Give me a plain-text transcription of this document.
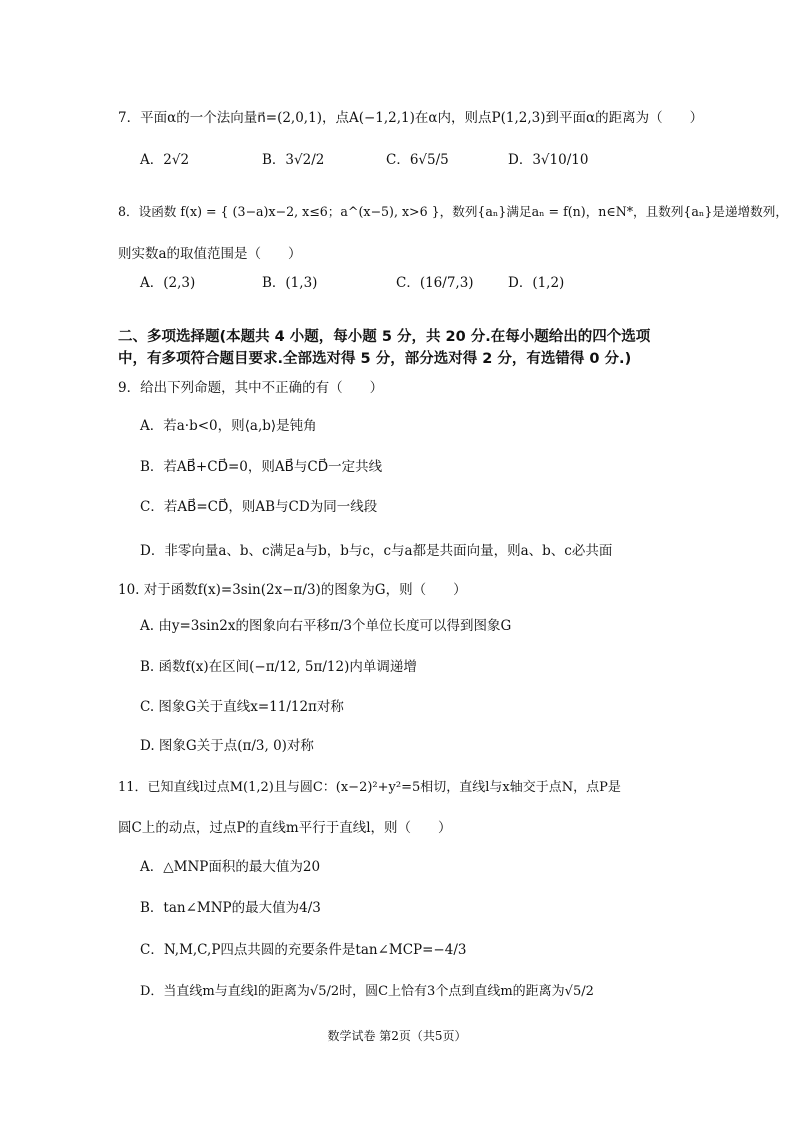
7．平面α的一个法向量n⃗=(2,0,1)，点A(−1,2,1)在α内，则点P(1,2,3)到平面α的距离为（　　）
A．2√2	B．3√2/2	C．6√5/5	D．3√10/10
8．设函数 f(x) = { (3−a)x−2, x≤6；a^(x−5), x>6 }，数列{aₙ}满足aₙ = f(n)，n∈N*，且数列{aₙ}是递增数列，
则实数a的取值范围是（　　）
A．(2,3)	B．(1,3)	C．(16/7,3)	D．(1,2)
二、多项选择题(本题共 4 小题，每小题 5 分，共 20 分.在每小题给出的四个选项
中，有多项符合题目要求.全部选对得 5 分，部分选对得 2 分，有选错得 0 分.)
9．给出下列命题，其中不正确的有（　　）
A．若a·b<0，则⟨a,b⟩是钝角
B．若AB⃗+CD⃗=0，则AB⃗与CD⃗一定共线
C．若AB⃗=CD⃗，则AB与CD为同一线段
D．非零向量a、b、c满足a与b，b与c，c与a都是共面向量，则a、b、c必共面
10. 对于函数f(x)=3sin(2x−π/3)的图象为G，则（　　）
A. 由y=3sin2x的图象向右平移π/3个单位长度可以得到图象G
B. 函数f(x)在区间(−π/12, 5π/12)内单调递增
C. 图象G关于直线x=11/12π对称
D. 图象G关于点(π/3, 0)对称
11．已知直线l过点M(1,2)且与圆C：(x−2)²+y²=5相切，直线l与x轴交于点N，点P是
圆C上的动点，过点P的直线m平行于直线l，则（　　）
A．△MNP面积的最大值为20
B．tan∠MNP的最大值为4/3
C．N,M,C,P四点共圆的充要条件是tan∠MCP=−4/3
D．当直线m与直线l的距离为√5/2时，圆C上恰有3个点到直线m的距离为√5/2
数学试卷 第2页（共5页）
